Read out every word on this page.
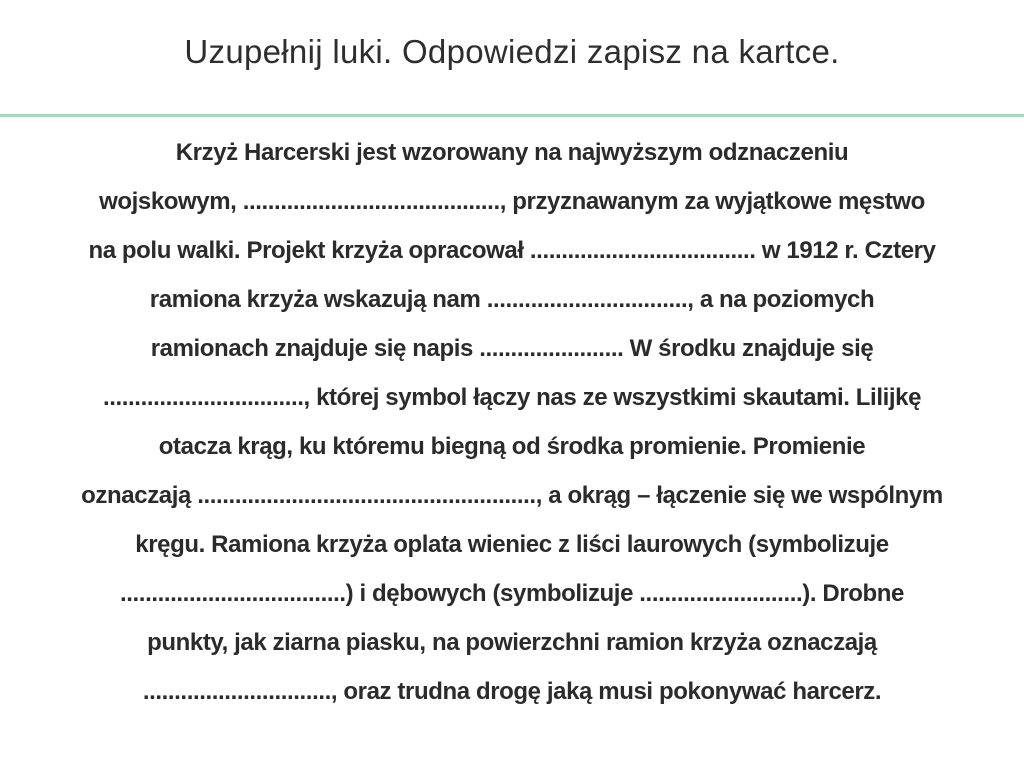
Uzupełnij luki. Odpowiedzi zapisz na kartce.

Krzyż Harcerski jest wzorowany na najwyższym odznaczeniu
wojskowym, ........................................., przyznawanym za wyjątkowe męstwo
na polu walki. Projekt krzyża opracował .................................... w 1912 r. Cztery
ramiona krzyża wskazują nam ................................, a na poziomych
ramionach znajduje się napis ....................... W środku znajduje się
................................, której symbol łączy nas ze wszystkimi skautami. Lilijkę
otacza krąg, ku któremu biegną od środka promienie. Promienie
oznaczają ......................................................, a okrąg – łączenie się we wspólnym
kręgu. Ramiona krzyża oplata wieniec z liści laurowych (symbolizuje
....................................) i dębowych (symbolizuje ..........................). Drobne
punkty, jak ziarna piasku, na powierzchni ramion krzyża oznaczają
.............................., oraz trudna drogę jaką musi pokonywać harcerz.
